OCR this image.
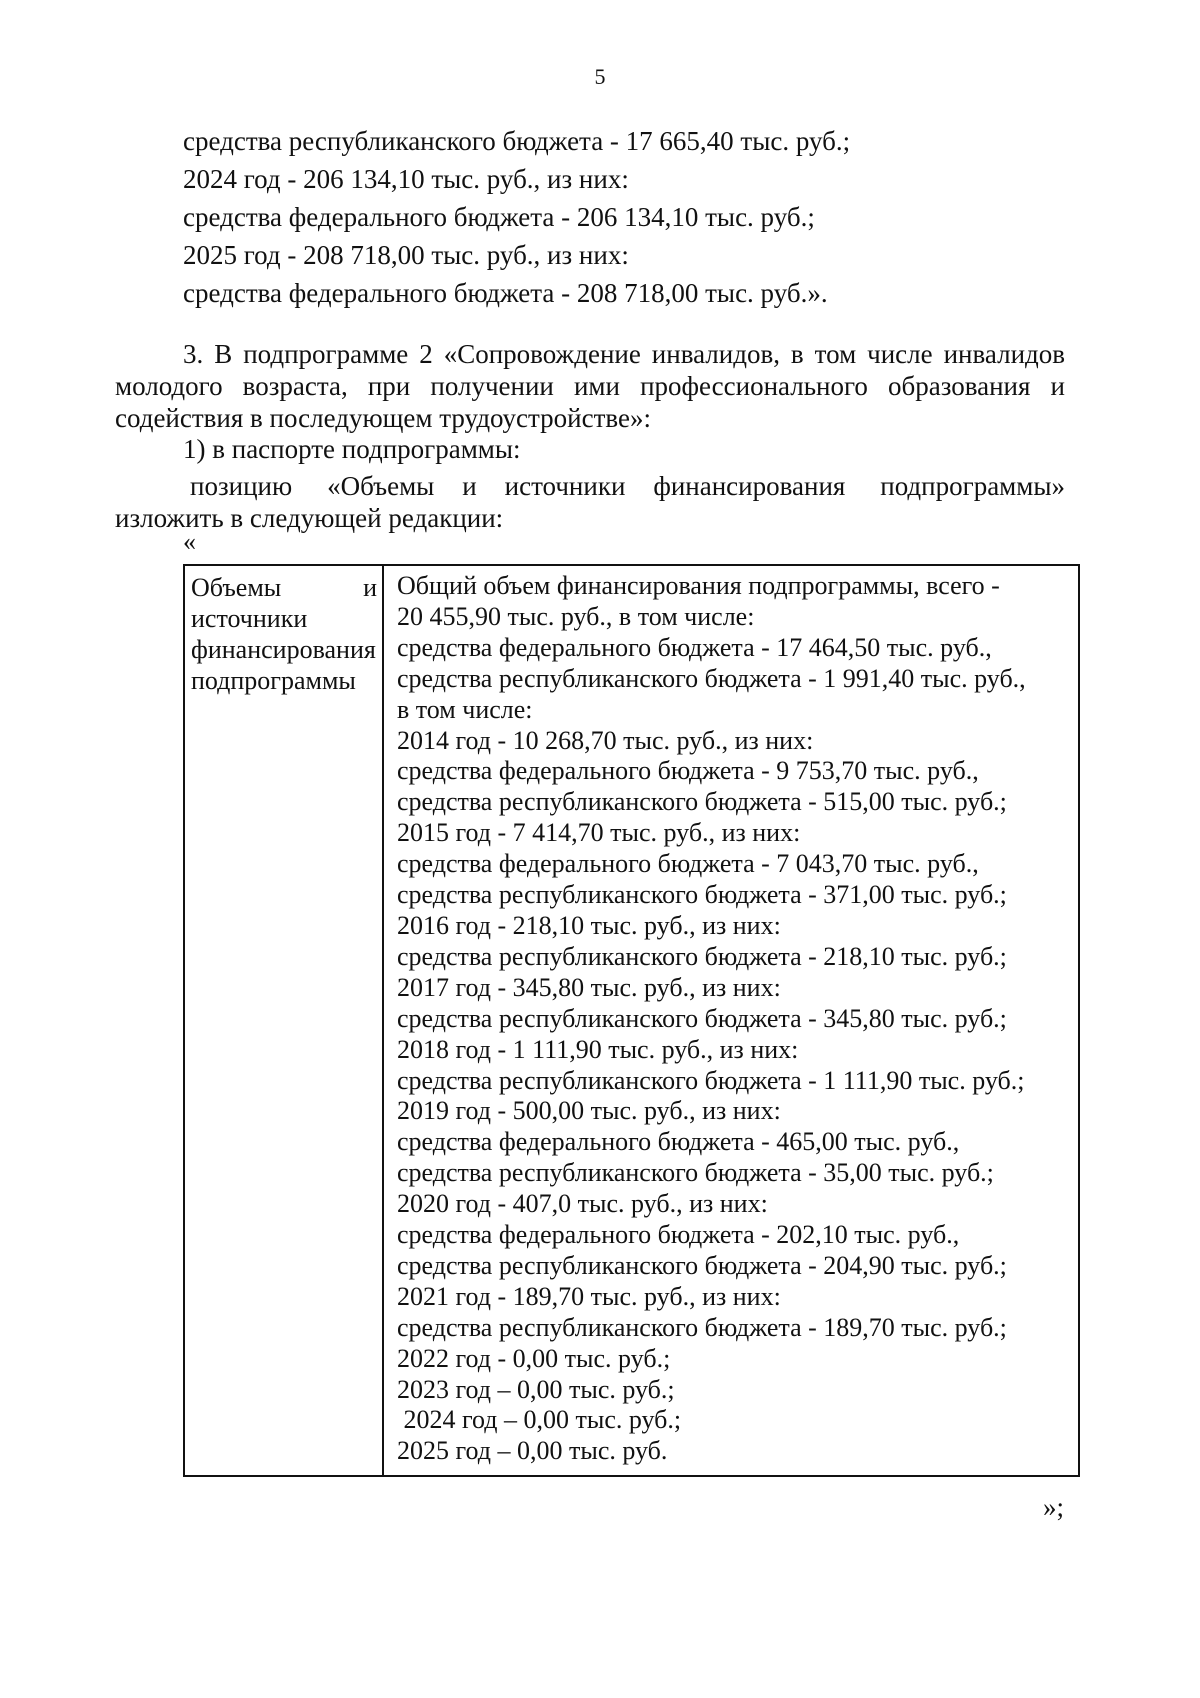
5
средства республиканского бюджета - 17 665,40 тыс. руб.;
2024 год - 206 134,10 тыс. руб., из них:
средства федерального бюджета - 206 134,10 тыс. руб.;
2025 год - 208 718,00 тыс. руб., из них:
средства федерального бюджета - 208 718,00 тыс. руб.».
3. В подпрограмме 2 «Сопровождение инвалидов, в том числе инвалидов
молодого возраста, при получении ими профессионального образования и
содействия в последующем трудоустройстве»:
1) в паспорте подпрограммы:
позицию     «Объемы    и    источники    финансирования     подпрограммы»
изложить в следующей редакции:
«
Объемы	и
источники
финансирования
подпрограммы
Общий объем финансирования подпрограммы, всего -
20 455,90 тыс. руб., в том числе:
средства федерального бюджета - 17 464,50 тыс. руб.,
средства республиканского бюджета - 1 991,40 тыс. руб.,
в том числе:
2014 год - 10 268,70 тыс. руб., из них:
средства федерального бюджета - 9 753,70 тыс. руб.,
средства республиканского бюджета - 515,00 тыс. руб.;
2015 год - 7 414,70 тыс. руб., из них:
средства федерального бюджета - 7 043,70 тыс. руб.,
средства республиканского бюджета - 371,00 тыс. руб.;
2016 год - 218,10 тыс. руб., из них:
средства республиканского бюджета - 218,10 тыс. руб.;
2017 год - 345,80 тыс. руб., из них:
средства республиканского бюджета - 345,80 тыс. руб.;
2018 год - 1 111,90 тыс. руб., из них:
средства республиканского бюджета - 1 111,90 тыс. руб.;
2019 год - 500,00 тыс. руб., из них:
средства федерального бюджета - 465,00 тыс. руб.,
средства республиканского бюджета - 35,00 тыс. руб.;
2020 год - 407,0 тыс. руб., из них:
средства федерального бюджета - 202,10 тыс. руб.,
средства республиканского бюджета - 204,90 тыс. руб.;
2021 год - 189,70 тыс. руб., из них:
средства республиканского бюджета - 189,70 тыс. руб.;
2022 год - 0,00 тыс. руб.;
2023 год – 0,00 тыс. руб.;
2024 год – 0,00 тыс. руб.;
2025 год – 0,00 тыс. руб.
»;
